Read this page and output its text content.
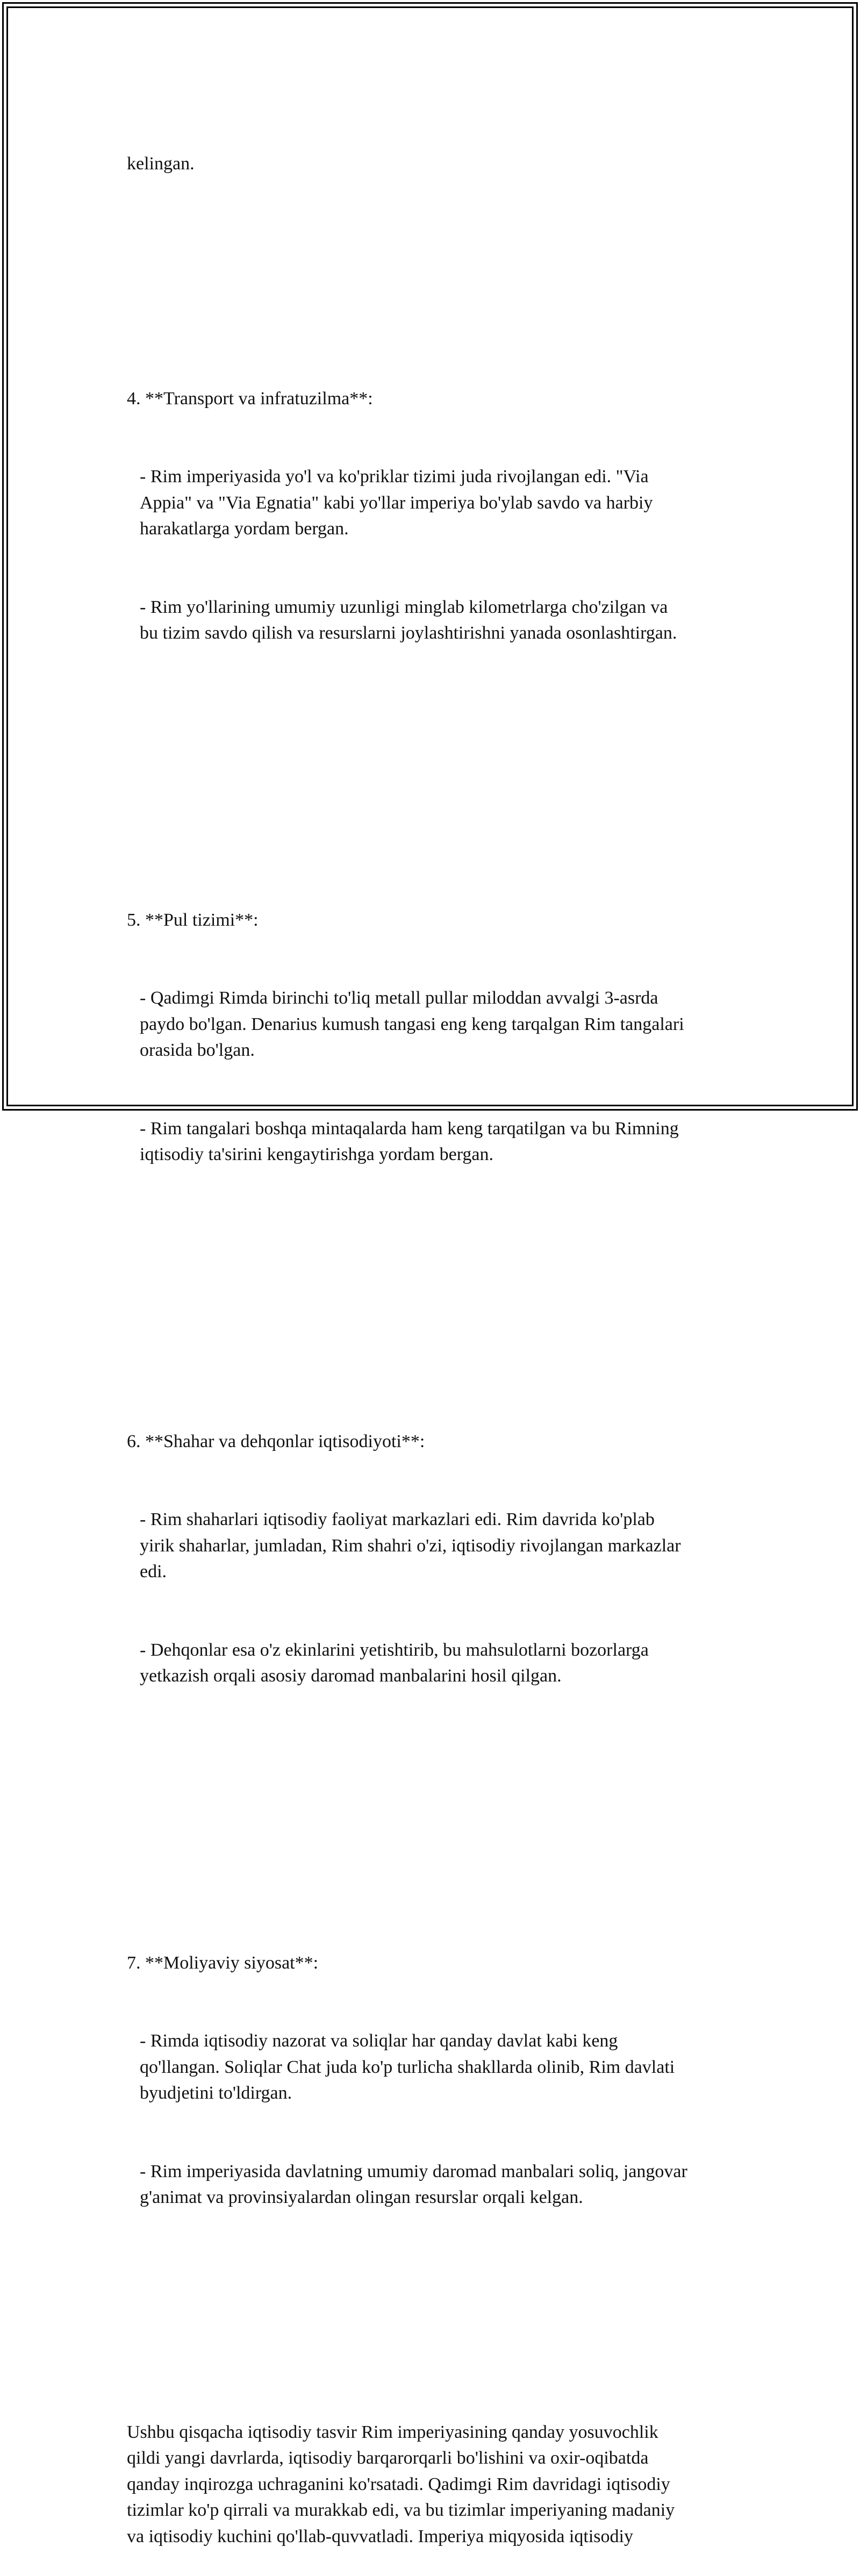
kelingan.

4. **Transport va infratuzilma**:

- Rim imperiyasida yo'l va ko'priklar tizimi juda rivojlangan edi. "Via
Appia" va "Via Egnatia" kabi yo'llar imperiya bo'ylab savdo va harbiy
harakatlarga yordam bergan.

- Rim yo'llarining umumiy uzunligi minglab kilometrlarga cho'zilgan va
bu tizim savdo qilish va resurslarni joylashtirishni yanada osonlashtirgan.

5. **Pul tizimi**:

- Qadimgi Rimda birinchi to'liq metall pullar miloddan avvalgi 3-asrda
paydo bo'lgan. Denarius kumush tangasi eng keng tarqalgan Rim tangalari
orasida bo'lgan.

- Rim tangalari boshqa mintaqalarda ham keng tarqatilgan va bu Rimning
iqtisodiy ta'sirini kengaytirishga yordam bergan.

6. **Shahar va dehqonlar iqtisodiyoti**:

- Rim shaharlari iqtisodiy faoliyat markazlari edi. Rim davrida ko'plab
yirik shaharlar, jumladan, Rim shahri o'zi, iqtisodiy rivojlangan markazlar
edi.

- Dehqonlar esa o'z ekinlarini yetishtirib, bu mahsulotlarni bozorlarga
yetkazish orqali asosiy daromad manbalarini hosil qilgan.

7. **Moliyaviy siyosat**:

- Rimda iqtisodiy nazorat va soliqlar har qanday davlat kabi keng
qo'llangan. Soliqlar Chat juda ko'p turlicha shakllarda olinib, Rim davlati
byudjetini to'ldirgan.

- Rim imperiyasida davlatning umumiy daromad manbalari soliq, jangovar
g'animat va provinsiyalardan olingan resurslar orqali kelgan.

Ushbu qisqacha iqtisodiy tasvir Rim imperiyasining qanday yosuvochlik
qildi yangi davrlarda, iqtisodiy barqarorqarli bo'lishini va oxir-oqibatda
qanday inqirozga uchraganini ko'rsatadi. Qadimgi Rim davridagi iqtisodiy
tizimlar ko'p qirrali va murakkab edi, va bu tizimlar imperiyaning madaniy
va iqtisodiy kuchini qo'llab-quvvatladi. Imperiya miqyosida iqtisodiy
